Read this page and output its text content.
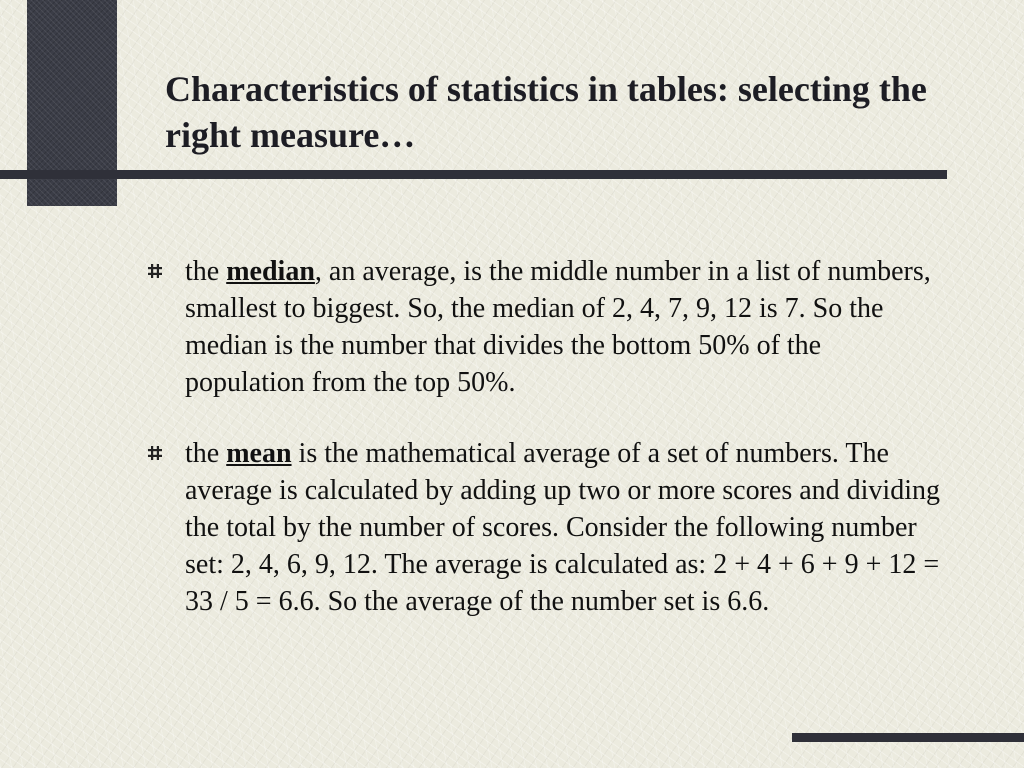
Characteristics of statistics in tables: selecting the right measure…
the median, an average, is the middle number in a list of numbers, smallest to biggest. So, the median of 2, 4, 7, 9, 12 is 7. So the median is the number that divides the bottom 50% of the population from the top 50%.
the mean is the mathematical average of a set of numbers. The average is calculated by adding up two or more scores and dividing the total by the number of scores. Consider the following number set: 2, 4, 6, 9, 12. The average is calculated as: 2 + 4 + 6 + 9 + 12 = 33 / 5 = 6.6. So the average of the number set is 6.6.
